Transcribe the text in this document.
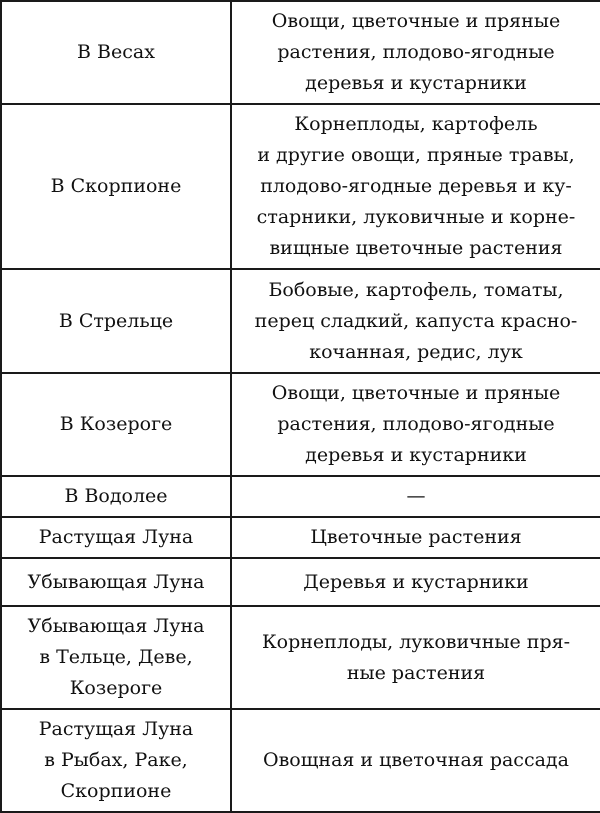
В Весах	Овощи, цветочные и пряные
растения, плодово-ягодные
деревья и кустарники
В Скорпионе	Корнеплоды, картофель
и другие овощи, пряные травы,
плодово-ягодные деревья и ку-
старники, луковичные и корне-
вищные цветочные растения
В Стрельце	Бобовые, картофель, томаты,
перец сладкий, капуста красно-
кочанная, редис, лук
В Козероге	Овощи, цветочные и пряные
растения, плодово-ягодные
деревья и кустарники
В Водолее	—
Растущая Луна	Цветочные растения
Убывающая Луна	Деревья и кустарники
Убывающая Луна
в Тельце, Деве,
Козероге	Корнеплоды, луковичные пря-
ные растения
Растущая Луна
в Рыбах, Раке,
Скорпионе	Овощная и цветочная рассада
